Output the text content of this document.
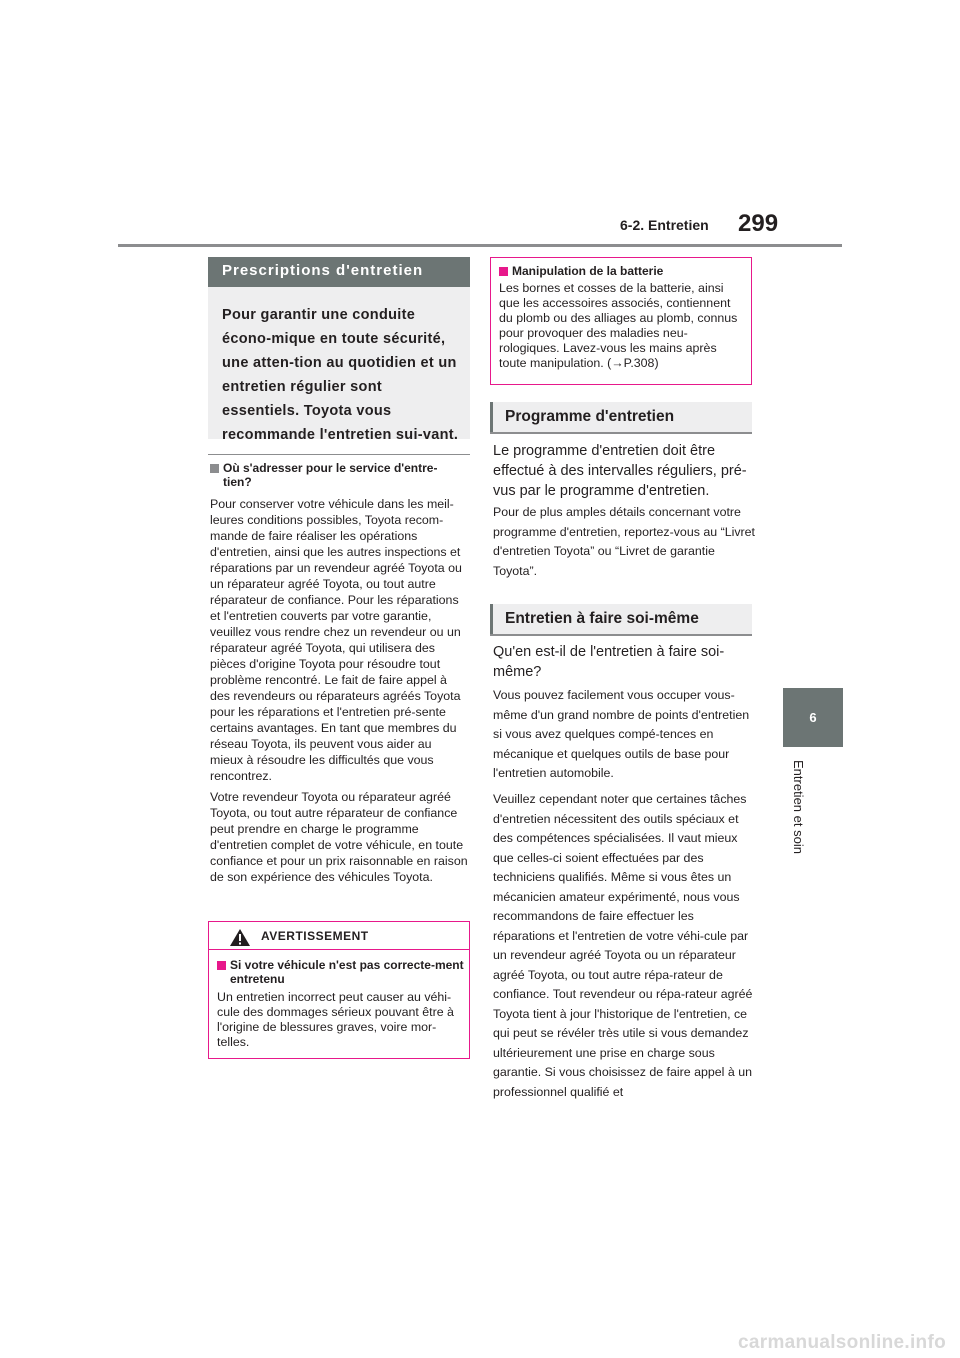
6-2. Entretien	299
6
Entretien et soin
Prescriptions d'entretien
Pour garantir une conduite écono-mique en toute sécurité, une atten-tion au quotidien et un entretien régulier sont essentiels. Toyota vous recommande l'entretien sui-vant.
Où s'adresser pour le service d'entre-tien?
Pour conserver votre véhicule dans les meil-leures conditions possibles, Toyota recom-mande de faire réaliser les opérations d'entretien, ainsi que les autres inspections et réparations par un revendeur agréé Toyota ou un réparateur agréé Toyota, ou tout autre réparateur de confiance. Pour les réparations et l'entretien couverts par votre garantie, veuillez vous rendre chez un revendeur ou un réparateur agréé Toyota, qui utilisera des pièces d'origine Toyota pour résoudre tout problème rencontré. Le fait de faire appel à des revendeurs ou réparateurs agréés Toyota pour les réparations et l'entretien pré-sente certains avantages. En tant que membres du réseau Toyota, ils peuvent vous aider au mieux à résoudre les difficultés que vous rencontrez.
Votre revendeur Toyota ou réparateur agréé Toyota, ou tout autre réparateur de confiance peut prendre en charge le programme d'entretien complet de votre véhicule, en toute confiance et pour un prix raisonnable en raison de son expérience des véhicules Toyota.
AVERTISSEMENT
Si votre véhicule n'est pas correcte-ment entretenu
Un entretien incorrect peut causer au véhi-cule des dommages sérieux pouvant être à l'origine de blessures graves, voire mor-telles.
Manipulation de la batterie
Les bornes et cosses de la batterie, ainsi que les accessoires associés, contiennent du plomb ou des alliages au plomb, connus pour provoquer des maladies neu-rologiques. Lavez-vous les mains après toute manipulation. (→P.308)
Programme d'entretien
Le programme d'entretien doit être effectué à des intervalles réguliers, pré-vus par le programme d'entretien.
Pour de plus amples détails concernant votre programme d'entretien, reportez-vous au “Livret d'entretien Toyota” ou “Livret de garantie Toyota”.
Entretien à faire soi-même
Qu'en est-il de l'entretien à faire soi-même?
Vous pouvez facilement vous occuper vous-même d'un grand nombre de points d'entretien si vous avez quelques compé-tences en mécanique et quelques outils de base pour l'entretien automobile.
Veuillez cependant noter que certaines tâches d'entretien nécessitent des outils spéciaux et des compétences spécialisées. Il vaut mieux que celles-ci soient effectuées par des techniciens qualifiés. Même si vous êtes un mécanicien amateur expérimenté, nous vous recommandons de faire effectuer les réparations et l'entretien de votre véhi-cule par un revendeur agréé Toyota ou un réparateur agréé Toyota, ou tout autre répa-rateur de confiance. Tout revendeur ou répa-rateur agréé Toyota tient à jour l'historique de l'entretien, ce qui peut se révéler très utile si vous demandez ultérieurement une prise en charge sous garantie. Si vous choisissez de faire appel à un professionnel qualifié et
carmanualsonline.info
